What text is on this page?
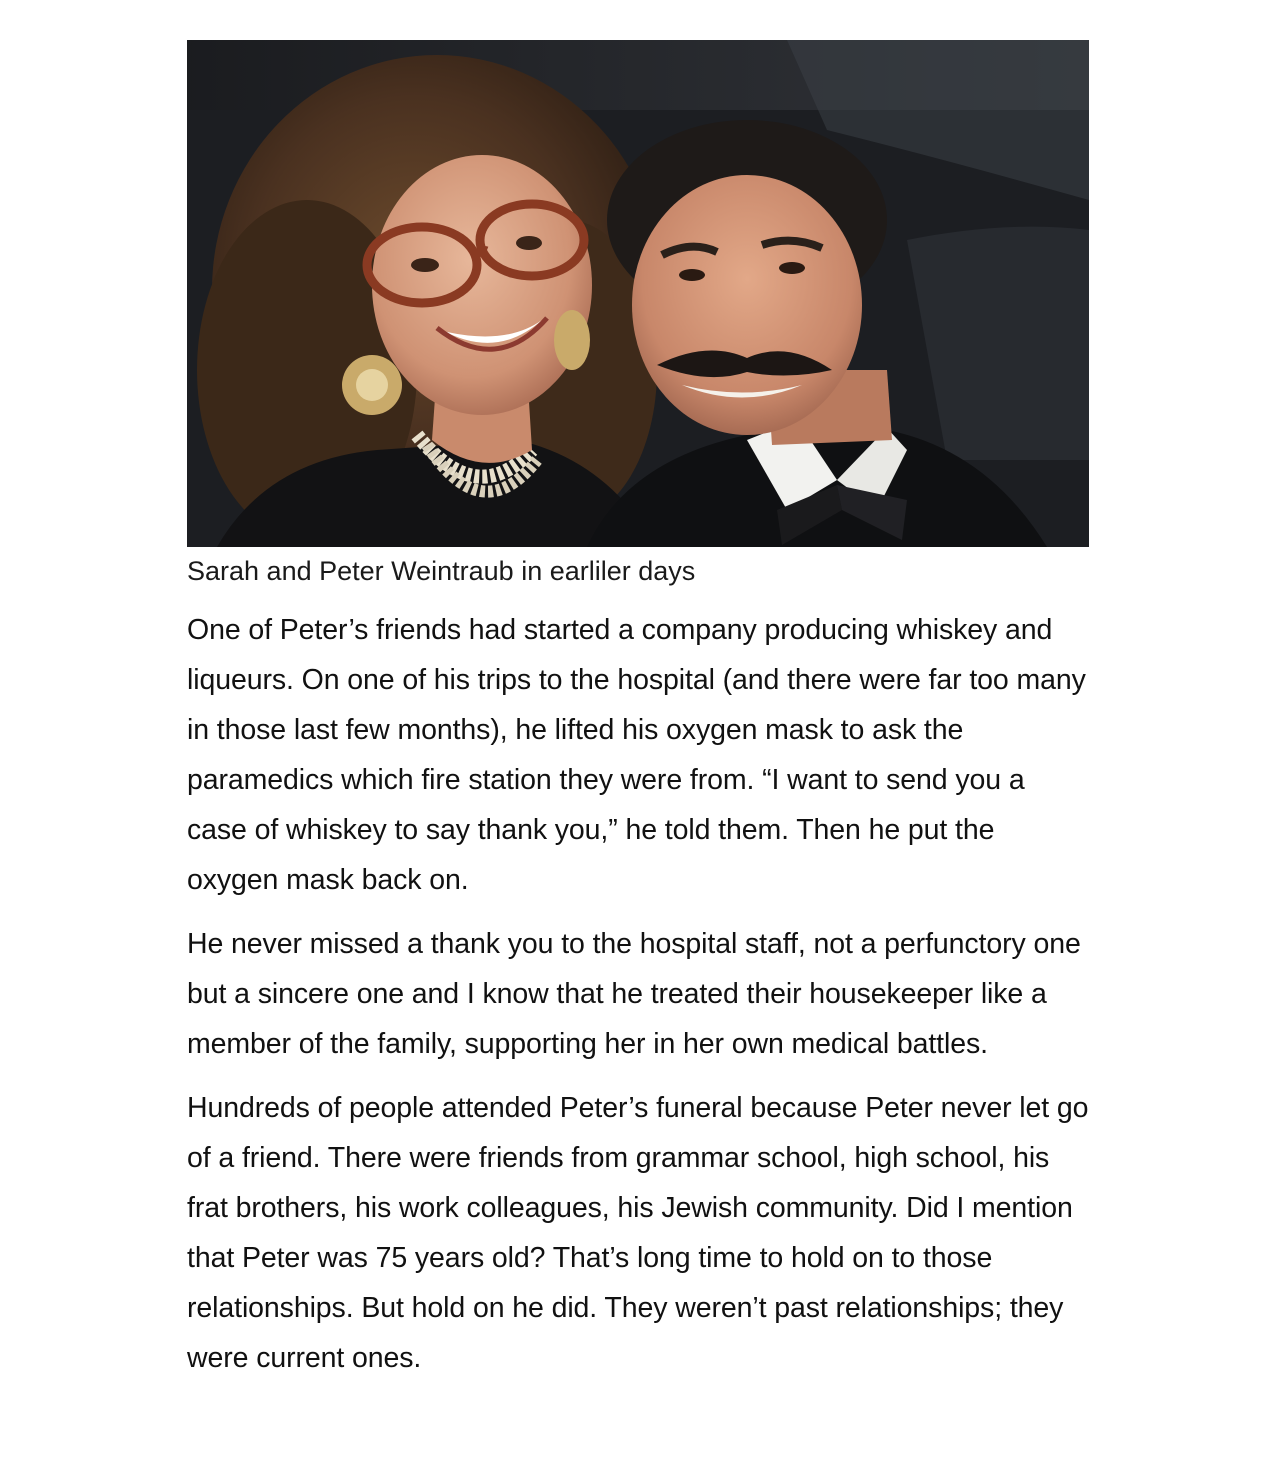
Sarah and Peter Weintraub in earliler days

One of Peter’s friends had started a company producing whiskey and liqueurs. On one of his trips to the hospital (and there were far too many in those last few months), he lifted his oxygen mask to ask the paramedics which fire station they were from. “I want to send you a case of whiskey to say thank you,” he told them. Then he put the oxygen mask back on.

He never missed a thank you to the hospital staff, not a perfunctory one but a sincere one and I know that he treated their housekeeper like a member of the family, supporting her in her own medical battles.

Hundreds of people attended Peter’s funeral because Peter never let go of a friend. There were friends from grammar school, high school, his frat brothers, his work colleagues, his Jewish community. Did I mention that Peter was 75 years old? That’s long time to hold on to those relationships. But hold on he did. They weren’t past relationships; they were current ones.
